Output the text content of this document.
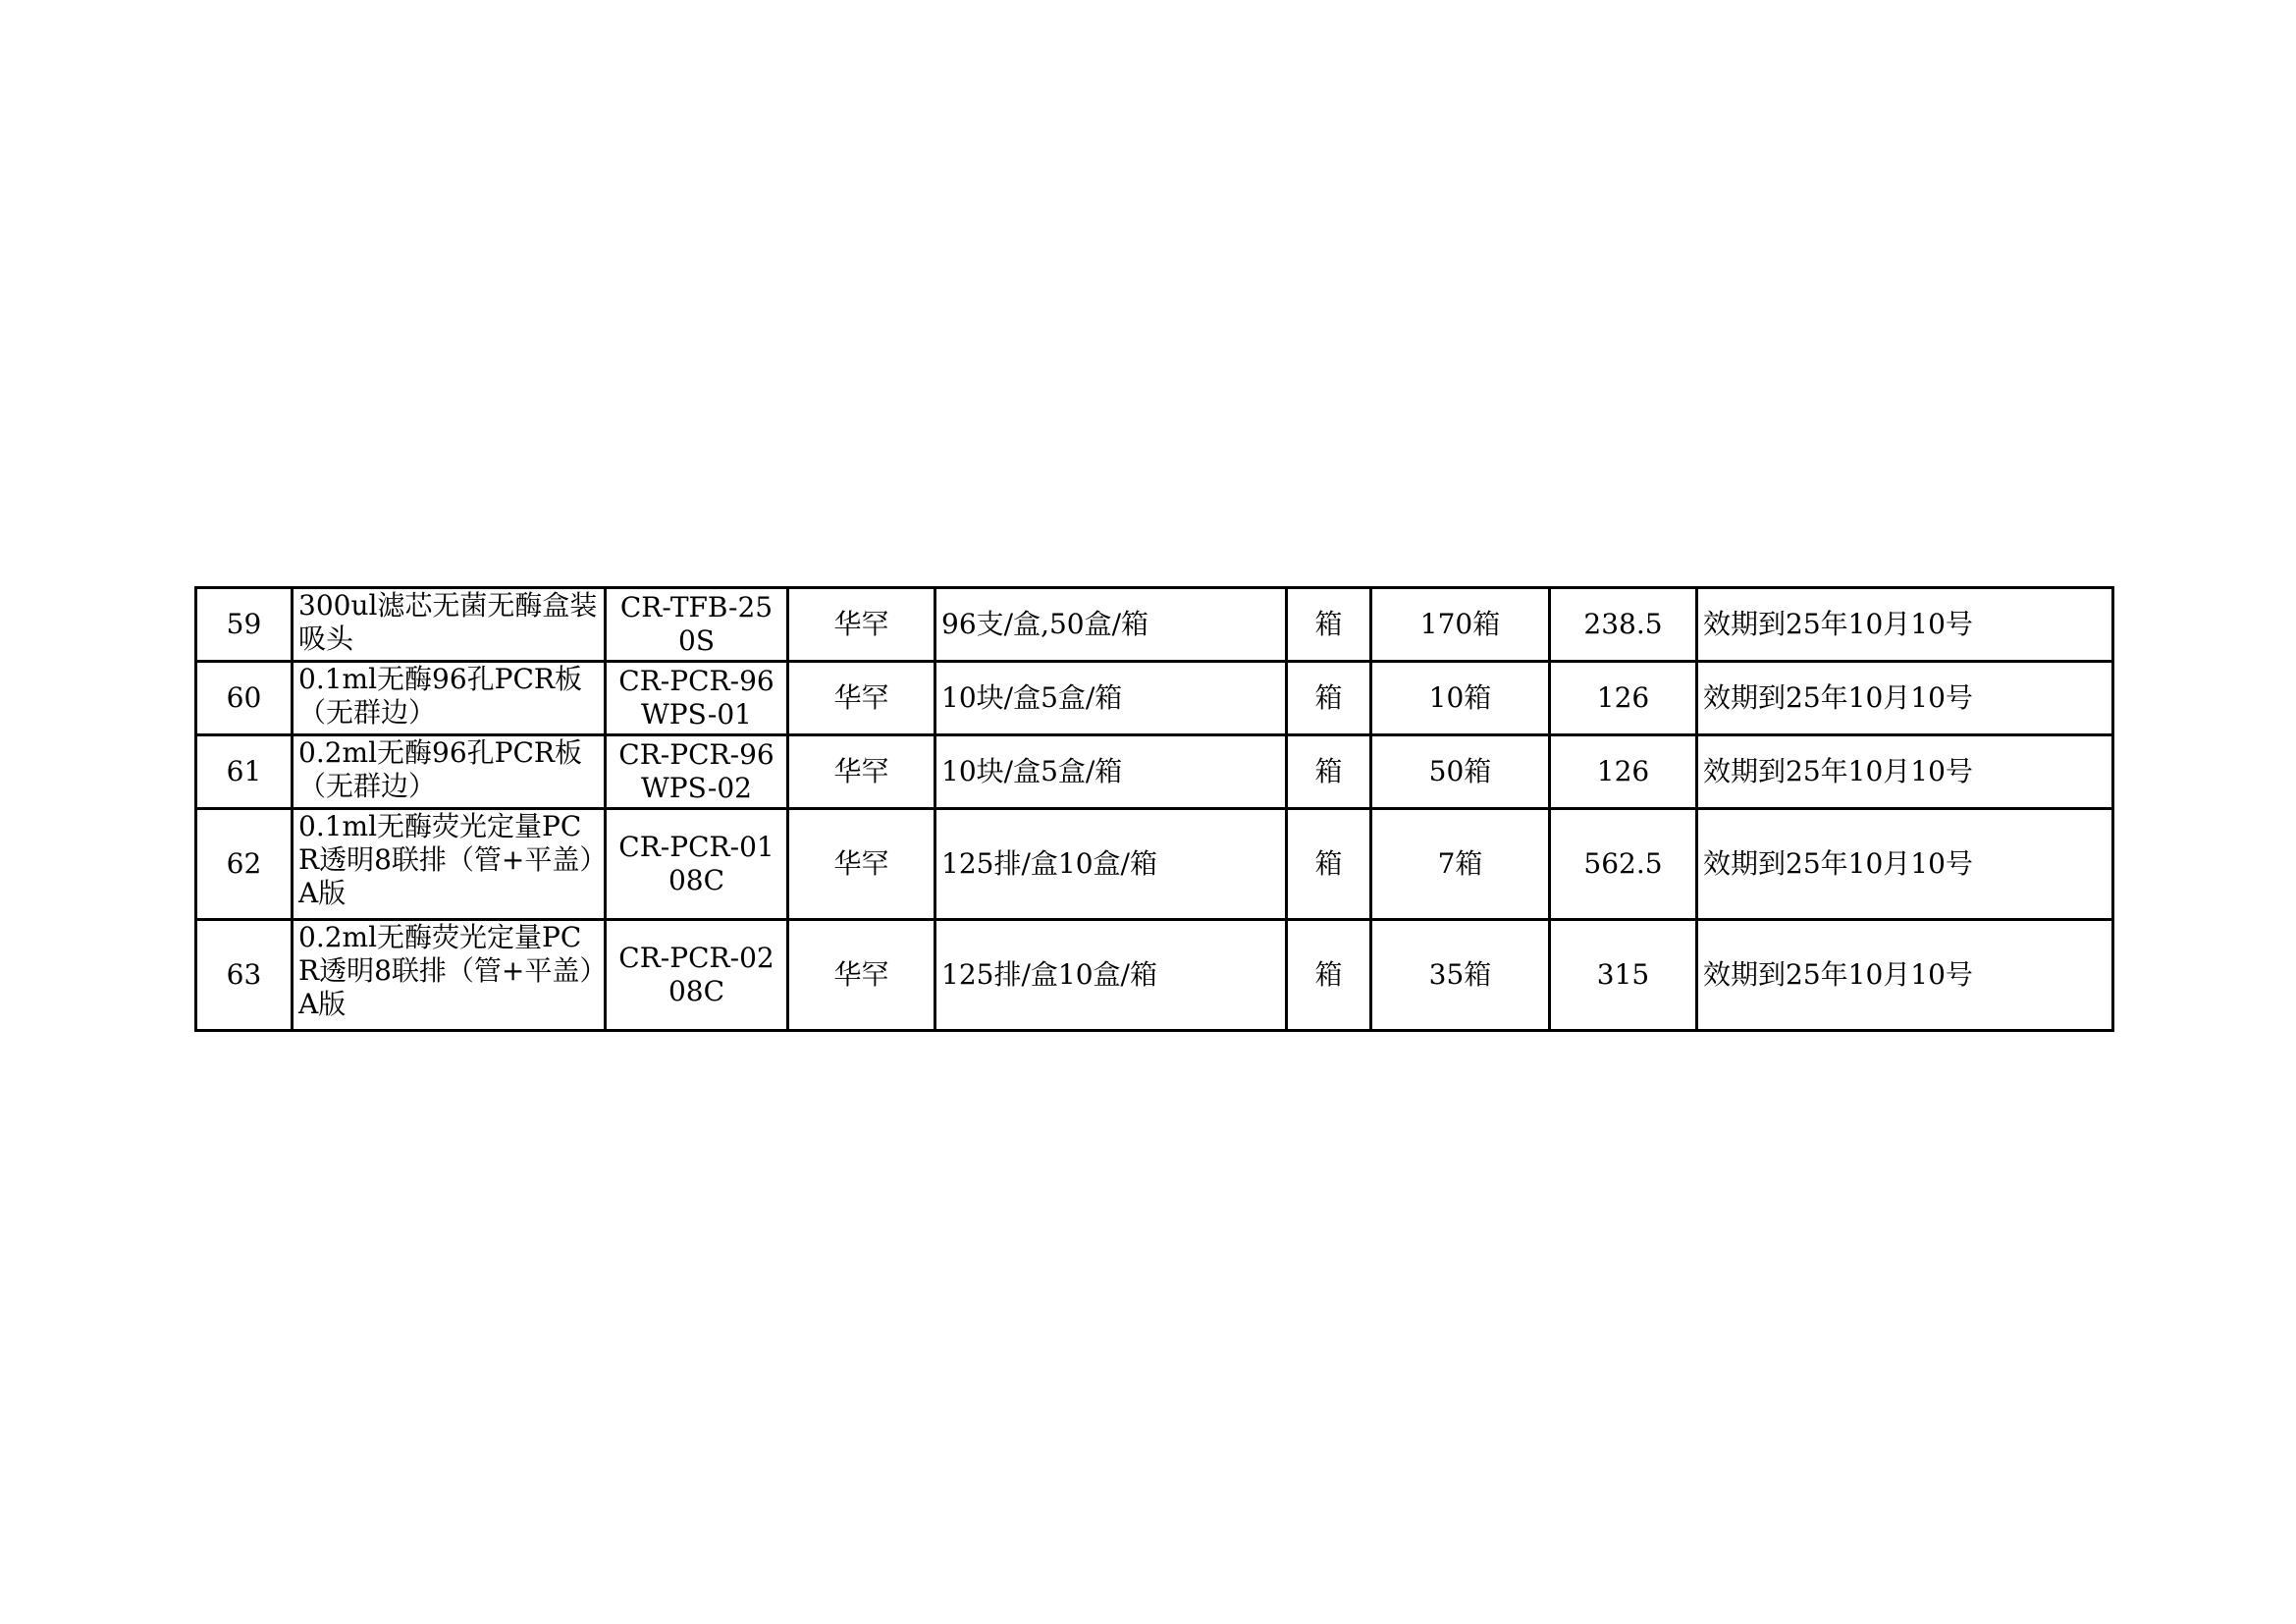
59	300ul滤芯无菌无酶盒装吸头	CR-TFB-250S	华罕	96支/盒,50盒/箱	箱	170箱	238.5	效期到25年10月10号
60	0.1ml无酶96孔PCR板（无群边）	CR-PCR-96WPS-01	华罕	10块/盒5盒/箱	箱	10箱	126	效期到25年10月10号
61	0.2ml无酶96孔PCR板（无群边）	CR-PCR-96WPS-02	华罕	10块/盒5盒/箱	箱	50箱	126	效期到25年10月10号
62	0.1ml无酶荧光定量PCR透明8联排（管+平盖）A版	CR-PCR-0108C	华罕	125排/盒10盒/箱	箱	7箱	562.5	效期到25年10月10号
63	0.2ml无酶荧光定量PCR透明8联排（管+平盖）A版	CR-PCR-0208C	华罕	125排/盒10盒/箱	箱	35箱	315	效期到25年10月10号
